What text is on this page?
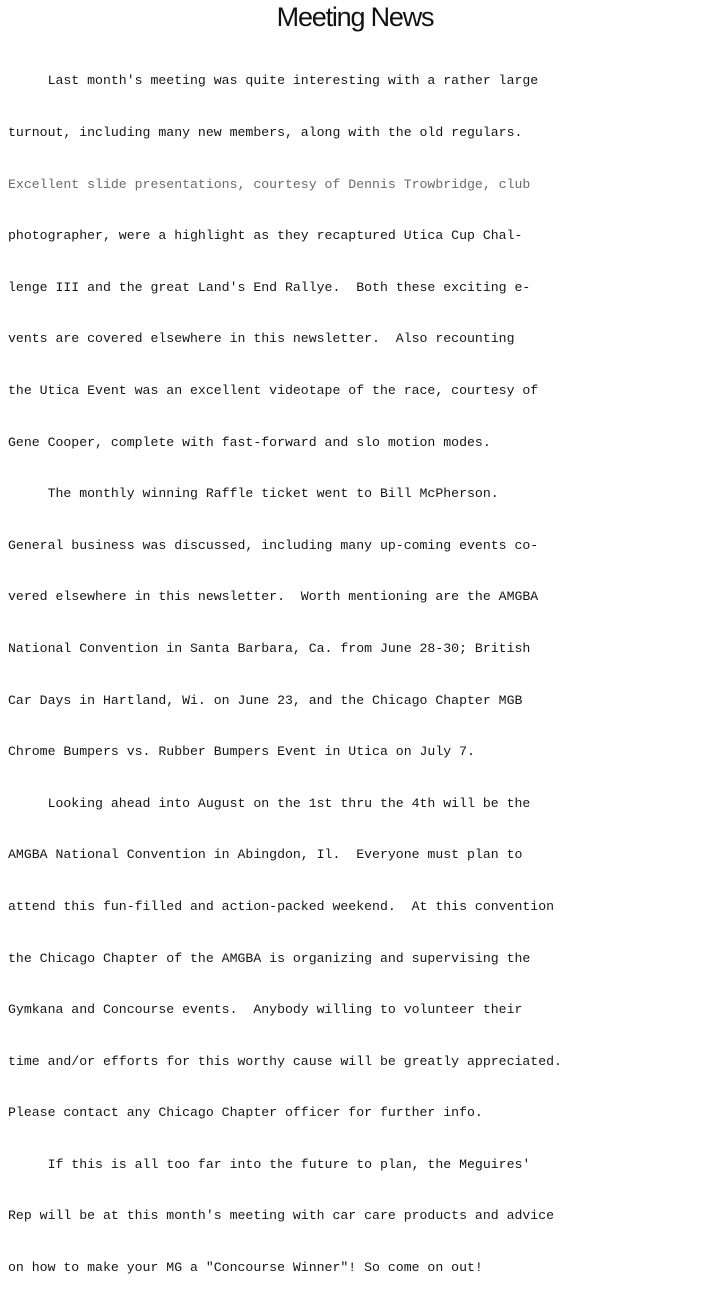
Meeting News

Last month's meeting was quite interesting with a rather large

turnout, including many new members, along with the old regulars.

Excellent slide presentations, courtesy of Dennis Trowbridge, club

photographer, were a highlight as they recaptured Utica Cup Chal-

lenge III and the great Land's End Rallye.  Both these exciting e-

vents are covered elsewhere in this newsletter.  Also recounting

the Utica Event was an excellent videotape of the race, courtesy of

Gene Cooper, complete with fast-forward and slo motion modes.

The monthly winning Raffle ticket went to Bill McPherson.

General business was discussed, including many up-coming events co-

vered elsewhere in this newsletter.  Worth mentioning are the AMGBA

National Convention in Santa Barbara, Ca. from June 28-30; British

Car Days in Hartland, Wi. on June 23, and the Chicago Chapter MGB

Chrome Bumpers vs. Rubber Bumpers Event in Utica on July 7.

Looking ahead into August on the 1st thru the 4th will be the

AMGBA National Convention in Abingdon, Il.  Everyone must plan to

attend this fun-filled and action-packed weekend.  At this convention

the Chicago Chapter of the AMGBA is organizing and supervising the

Gymkana and Concourse events.  Anybody willing to volunteer their

time and/or efforts for this worthy cause will be greatly appreciated.

Please contact any Chicago Chapter officer for further info.

If this is all too far into the future to plan, the Meguires'

Rep will be at this month's meeting with car care products and advice

on how to make your MG a "Concourse Winner"! So come on out!
